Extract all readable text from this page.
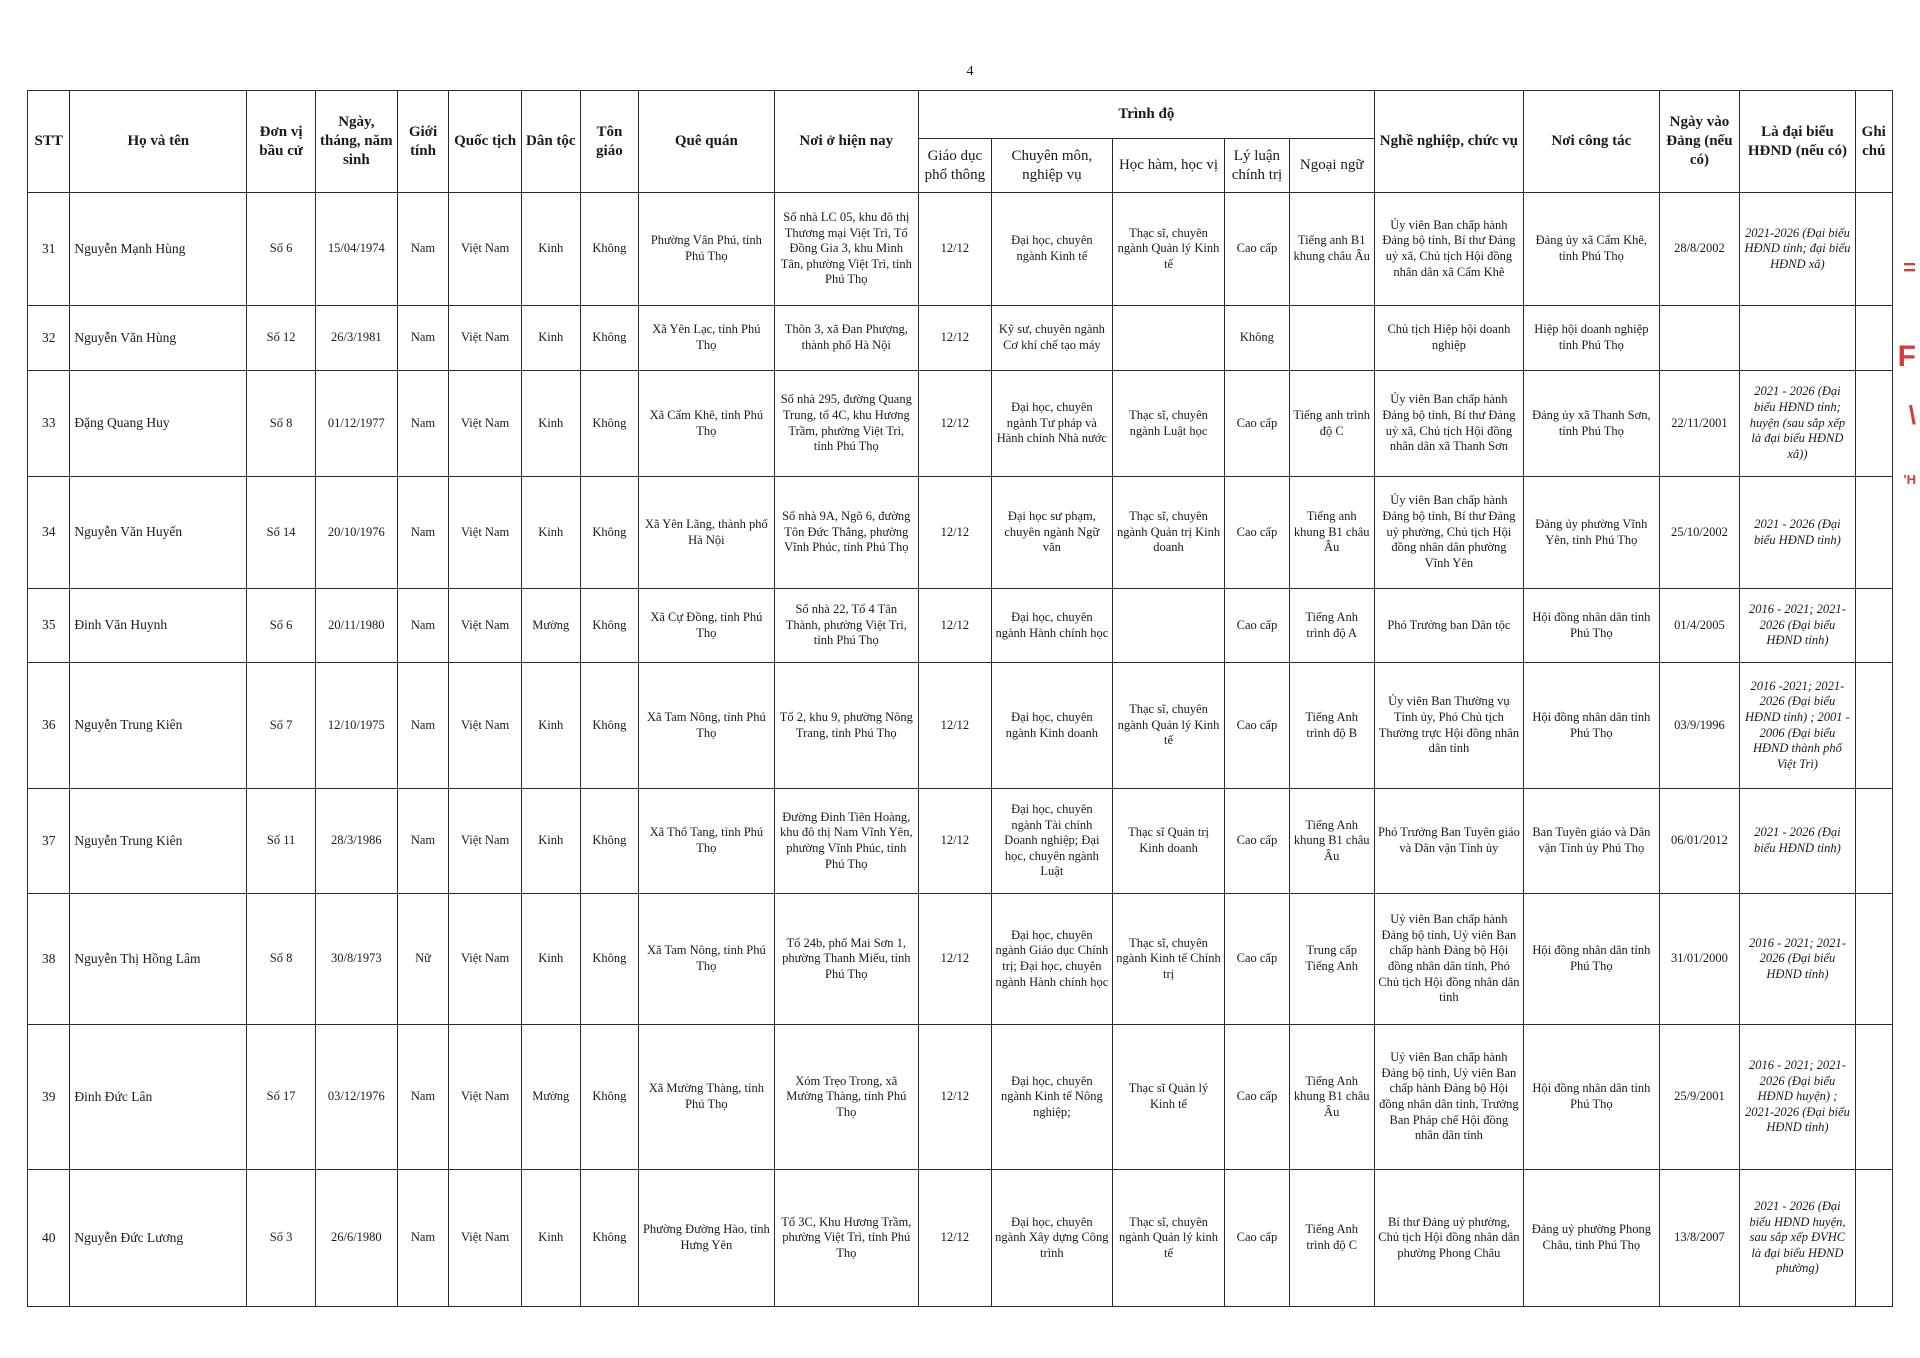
4
STT	Họ và tên	Đơn vị bầu cử	Ngày, tháng, năm sinh	Giới tính	Quốc tịch	Dân tộc	Tôn giáo	Quê quán	Nơi ở hiện nay	Trình độ					Nghề nghiệp, chức vụ	Nơi công tác	Ngày vào Đảng (nếu có)	Là đại biểu HĐND (nếu có)	Ghi chú
										Giáo dục phổ thông	Chuyên môn, nghiệp vụ	Học hàm, học vị	Lý luận chính trị	Ngoại ngữ					
31	Nguyễn Mạnh Hùng	Số 6	15/04/1974	Nam	Việt Nam	Kinh	Không	Phường Vân Phú, tỉnh Phú Thọ	Số nhà LC 05, khu đô thị Thương mại Việt Trì, Tổ Đồng Gia 3, khu Minh Tân, phường Việt Trì, tỉnh Phú Thọ	12/12	Đại học, chuyên ngành Kinh tế	Thạc sĩ, chuyên ngành Quản lý Kinh tế	Cao cấp	Tiếng anh B1 khung châu Âu	Ủy viên Ban chấp hành Đảng bộ tỉnh, Bí thư Đảng uỷ xã, Chủ tịch Hội đồng nhân dân xã Cẩm Khê	Đảng ủy xã Cẩm Khê, tỉnh Phú Thọ	28/8/2002	2021-2026 (Đại biểu HĐND tỉnh; đại biểu HĐND xã)	
32	Nguyễn Văn Hùng	Số 12	26/3/1981	Nam	Việt Nam	Kinh	Không	Xã Yên Lạc, tỉnh Phú Thọ	Thôn 3, xã Đan Phượng, thành phố Hà Nội	12/12	Kỹ sư, chuyên ngành Cơ khí chế tạo máy		Không		Chủ tịch Hiệp hội doanh nghiệp	Hiệp hội doanh nghiệp tỉnh Phú Thọ			
33	Đặng Quang Huy	Số 8	01/12/1977	Nam	Việt Nam	Kinh	Không	Xã Cẩm Khê, tỉnh Phú Thọ	Số nhà 295, đường Quang Trung, tổ 4C, khu Hương Trầm, phường Việt Trì, tỉnh Phú Thọ	12/12	Đại học, chuyên ngành Tư pháp và Hành chính Nhà nước	Thạc sĩ, chuyên ngành Luật học	Cao cấp	Tiếng anh trình độ C	Ủy viên Ban chấp hành Đảng bộ tỉnh, Bí thư Đảng uỷ xã, Chủ tịch Hội đồng nhân dân xã Thanh Sơn	Đảng ủy xã Thanh Sơn, tỉnh Phú Thọ	22/11/2001	2021 - 2026 (Đại biểu HĐND tỉnh; huyện (sau sắp xếp là đại biểu HĐND xã))	
34	Nguyễn Văn Huyến	Số 14	20/10/1976	Nam	Việt Nam	Kinh	Không	Xã Yên Lãng, thành phố Hà Nội	Số nhà 9A, Ngõ 6, đường Tôn Đức Thắng, phường Vĩnh Phúc, tỉnh Phú Thọ	12/12	Đại học sư phạm, chuyên ngành Ngữ văn	Thạc sĩ, chuyên ngành Quản trị Kinh doanh	Cao cấp	Tiếng anh khung B1 châu Âu	Ủy viên Ban chấp hành Đảng bộ tỉnh, Bí thư Đảng uỷ phường, Chủ tịch Hội đồng nhân dân phường Vĩnh Yên	Đảng ủy phường Vĩnh Yên, tỉnh Phú Thọ	25/10/2002	2021 - 2026 (Đại biểu HĐND tỉnh)	
35	Đinh Văn Huynh	Số 6	20/11/1980	Nam	Việt Nam	Mường	Không	Xã Cự Đồng, tỉnh Phú Thọ	Số nhà 22, Tổ 4 Tân Thành, phường Việt Trì, tỉnh Phú Thọ	12/12	Đại học, chuyên ngành Hành chính học		Cao cấp	Tiếng Anh trình độ A	Phó Trưởng ban Dân tộc	Hội đồng nhân dân tỉnh Phú Thọ	01/4/2005	2016 - 2021; 2021-2026 (Đại biểu HĐND tỉnh)	
36	Nguyễn Trung Kiên	Số 7	12/10/1975	Nam	Việt Nam	Kinh	Không	Xã Tam Nông, tỉnh Phú Thọ	Tổ 2, khu 9, phường Nông Trang, tỉnh Phú Thọ	12/12	Đại học, chuyên ngành Kinh doanh	Thạc sĩ, chuyên ngành Quản lý Kinh tế	Cao cấp	Tiếng Anh trình độ B	Ủy viên Ban Thường vụ Tỉnh ủy, Phó Chủ tịch Thường trực Hội đồng nhân dân tỉnh	Hội đồng nhân dân tỉnh Phú Thọ	03/9/1996	2016 -2021; 2021-2026 (Đại biểu HĐND tỉnh) ; 2001 - 2006 (Đại biểu HĐND thành phố Việt Trì)	
37	Nguyễn Trung Kiên	Số 11	28/3/1986	Nam	Việt Nam	Kinh	Không	Xã Thổ Tang, tỉnh Phú Thọ	Đường Đinh Tiên Hoàng, khu đô thị Nam Vĩnh Yên, phường Vĩnh Phúc, tỉnh Phú Thọ	12/12	Đại học, chuyên ngành Tài chính Doanh nghiệp; Đại học, chuyên ngành Luật	Thạc sĩ Quản trị Kinh doanh	Cao cấp	Tiếng Anh khung B1 châu Âu	Phó Trưởng Ban Tuyên giáo và Dân vận Tỉnh ủy	Ban Tuyên giáo và Dân vận Tỉnh ủy Phú Thọ	06/01/2012	2021 - 2026 (Đại biểu HĐND tỉnh)	
38	Nguyễn Thị Hồng Lâm	Số 8	30/8/1973	Nữ	Việt Nam	Kinh	Không	Xã Tam Nông, tỉnh Phú Thọ	Tổ 24b, phố Mai Sơn 1, phường Thanh Miếu, tỉnh Phú Thọ	12/12	Đại học, chuyên ngành Giáo dục Chính trị; Đại học, chuyên ngành Hành chính học	Thạc sĩ, chuyên ngành Kinh tế Chính trị	Cao cấp	Trung cấp Tiếng Anh	Uỷ viên Ban chấp hành Đảng bộ tỉnh, Uỷ viên Ban chấp hành Đảng bộ Hội đồng nhân dân tỉnh, Phó Chủ tịch Hội đồng nhân dân tỉnh	Hội đồng nhân dân tỉnh Phú Thọ	31/01/2000	2016 - 2021; 2021-2026 (Đại biểu HĐND tỉnh)	
39	Đinh Đức Lân	Số 17	03/12/1976	Nam	Việt Nam	Mường	Không	Xã Mường Thàng, tỉnh Phú Thọ	Xóm Trẹo Trong, xã Mường Thàng, tỉnh Phú Thọ	12/12	Đại học, chuyên ngành Kinh tế Nông nghiệp;	Thạc sĩ Quản lý Kinh tế	Cao cấp	Tiếng Anh khung B1 châu Âu	Uỷ viên Ban chấp hành Đảng bộ tỉnh, Uỷ viên Ban chấp hành Đảng bộ Hội đồng nhân dân tỉnh, Trưởng Ban Pháp chế Hội đồng nhân dân tỉnh	Hội đồng nhân dân tỉnh Phú Thọ	25/9/2001	2016 - 2021; 2021-2026 (Đại biểu HĐND huyện) ; 2021-2026 (Đại biểu HĐND tỉnh)	
40	Nguyễn Đức Lương	Số 3	26/6/1980	Nam	Việt Nam	Kinh	Không	Phường Đường Hào, tỉnh Hưng Yên	Tổ 3C, Khu Hương Trầm, phường Việt Trì, tỉnh Phú Thọ	12/12	Đại học, chuyên ngành Xây dựng Công trình	Thạc sĩ, chuyên ngành Quản lý kinh tế	Cao cấp	Tiếng Anh trình độ C	Bí thư Đảng uỷ phường, Chủ tịch Hội đồng nhân dân phường Phong Châu	Đảng uỷ phường Phong Châu, tỉnh Phú Thọ	13/8/2007	2021 - 2026 (Đại biểu HĐND huyện, sau sắp xếp ĐVHC là đại biểu HĐND phường)	
=
F
\
'H
